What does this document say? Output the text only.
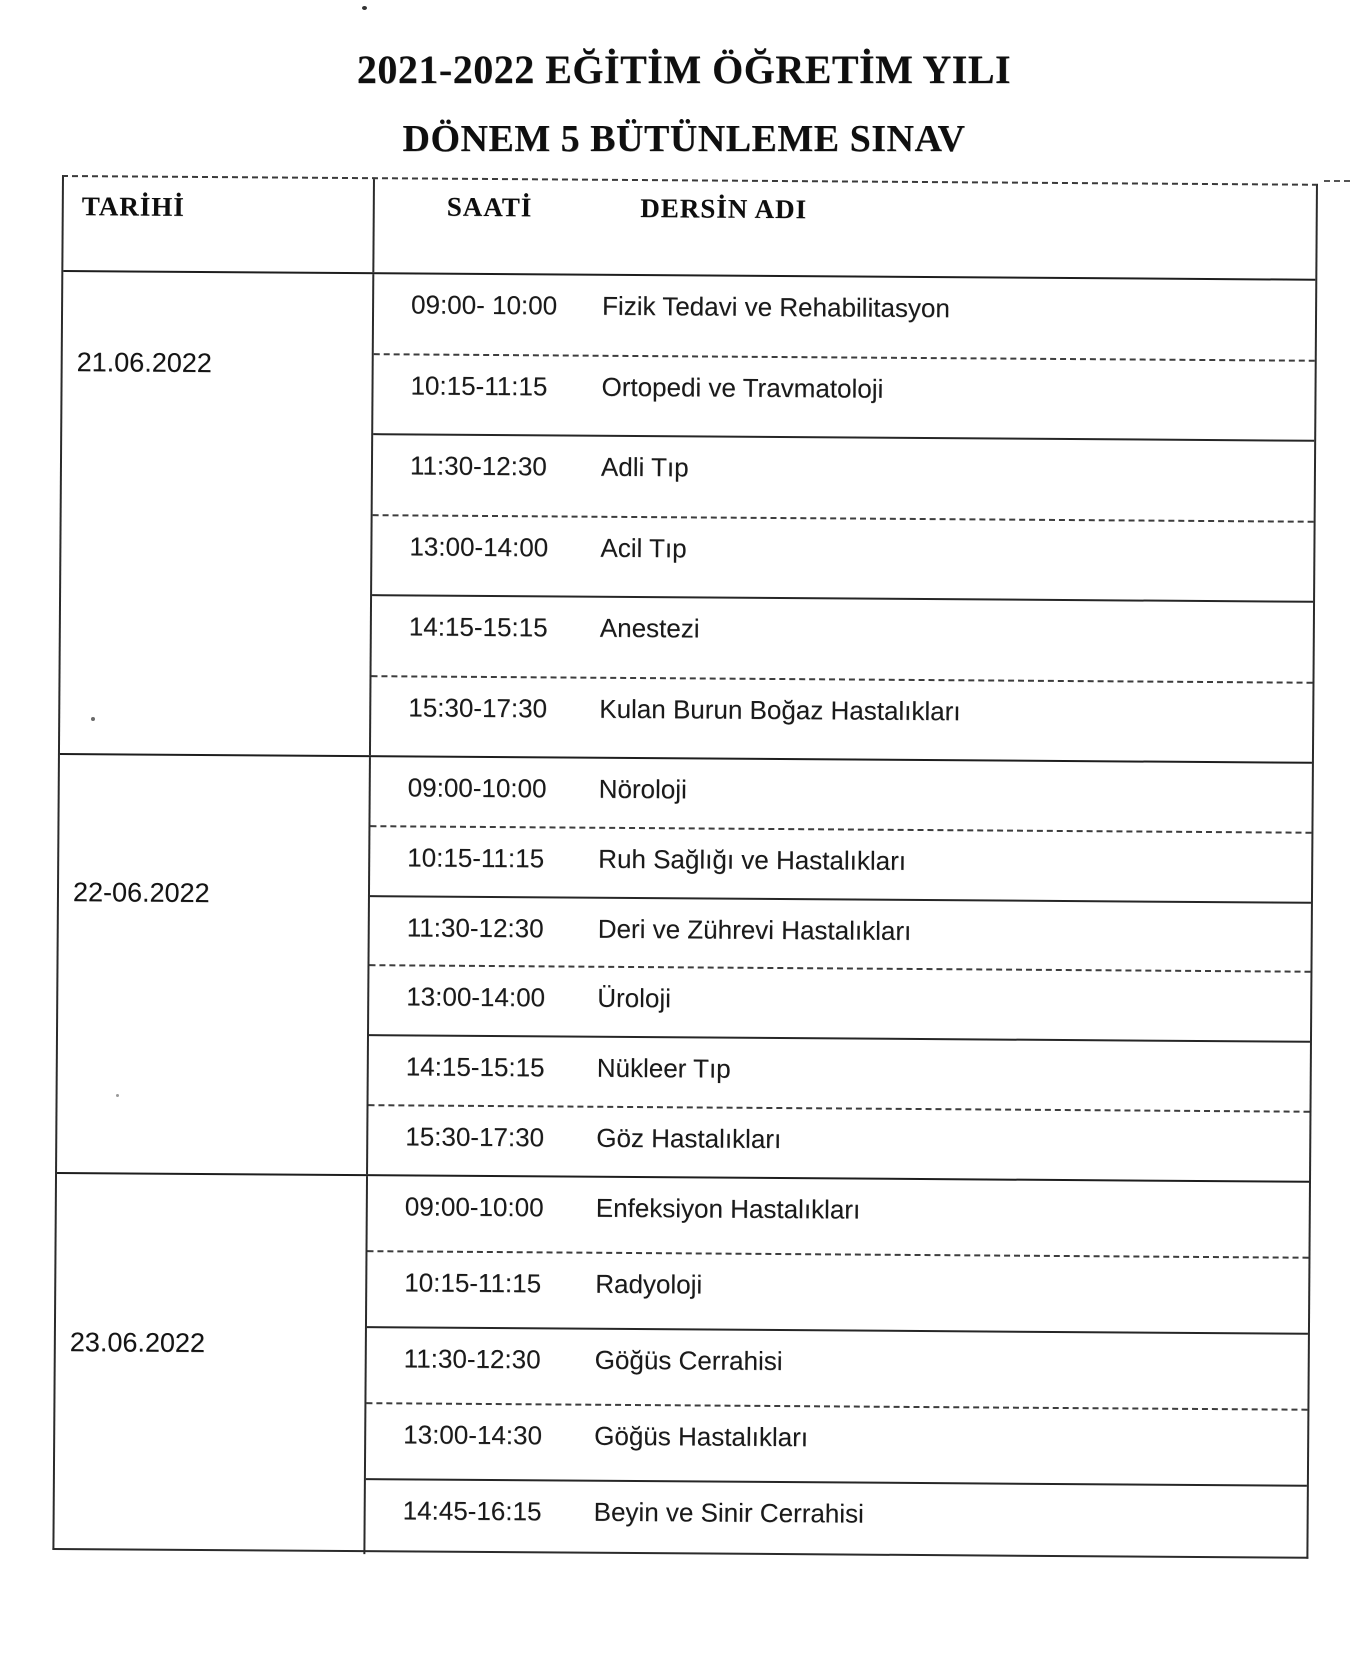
2021-2022 EĞİTİM ÖĞRETİM YILI
DÖNEM 5 BÜTÜNLEME SINAV
TARİHİ	SAATİ	DERSİN ADI
21.06.2022
09:00- 10:00	Fizik Tedavi ve Rehabilitasyon
10:15-11:15	Ortopedi ve Travmatoloji
11:30-12:30	Adli Tıp
13:00-14:00	Acil Tıp
14:15-15:15	Anestezi
15:30-17:30	Kulan Burun Boğaz Hastalıkları
22-06.2022
09:00-10:00	Nöroloji
10:15-11:15	Ruh Sağlığı ve Hastalıkları
11:30-12:30	Deri ve Zührevi Hastalıkları
13:00-14:00	Üroloji
14:15-15:15	Nükleer Tıp
15:30-17:30	Göz Hastalıkları
23.06.2022
09:00-10:00	Enfeksiyon Hastalıkları
10:15-11:15	Radyoloji
11:30-12:30	Göğüs Cerrahisi
13:00-14:30	Göğüs Hastalıkları
14:45-16:15	Beyin ve Sinir Cerrahisi
